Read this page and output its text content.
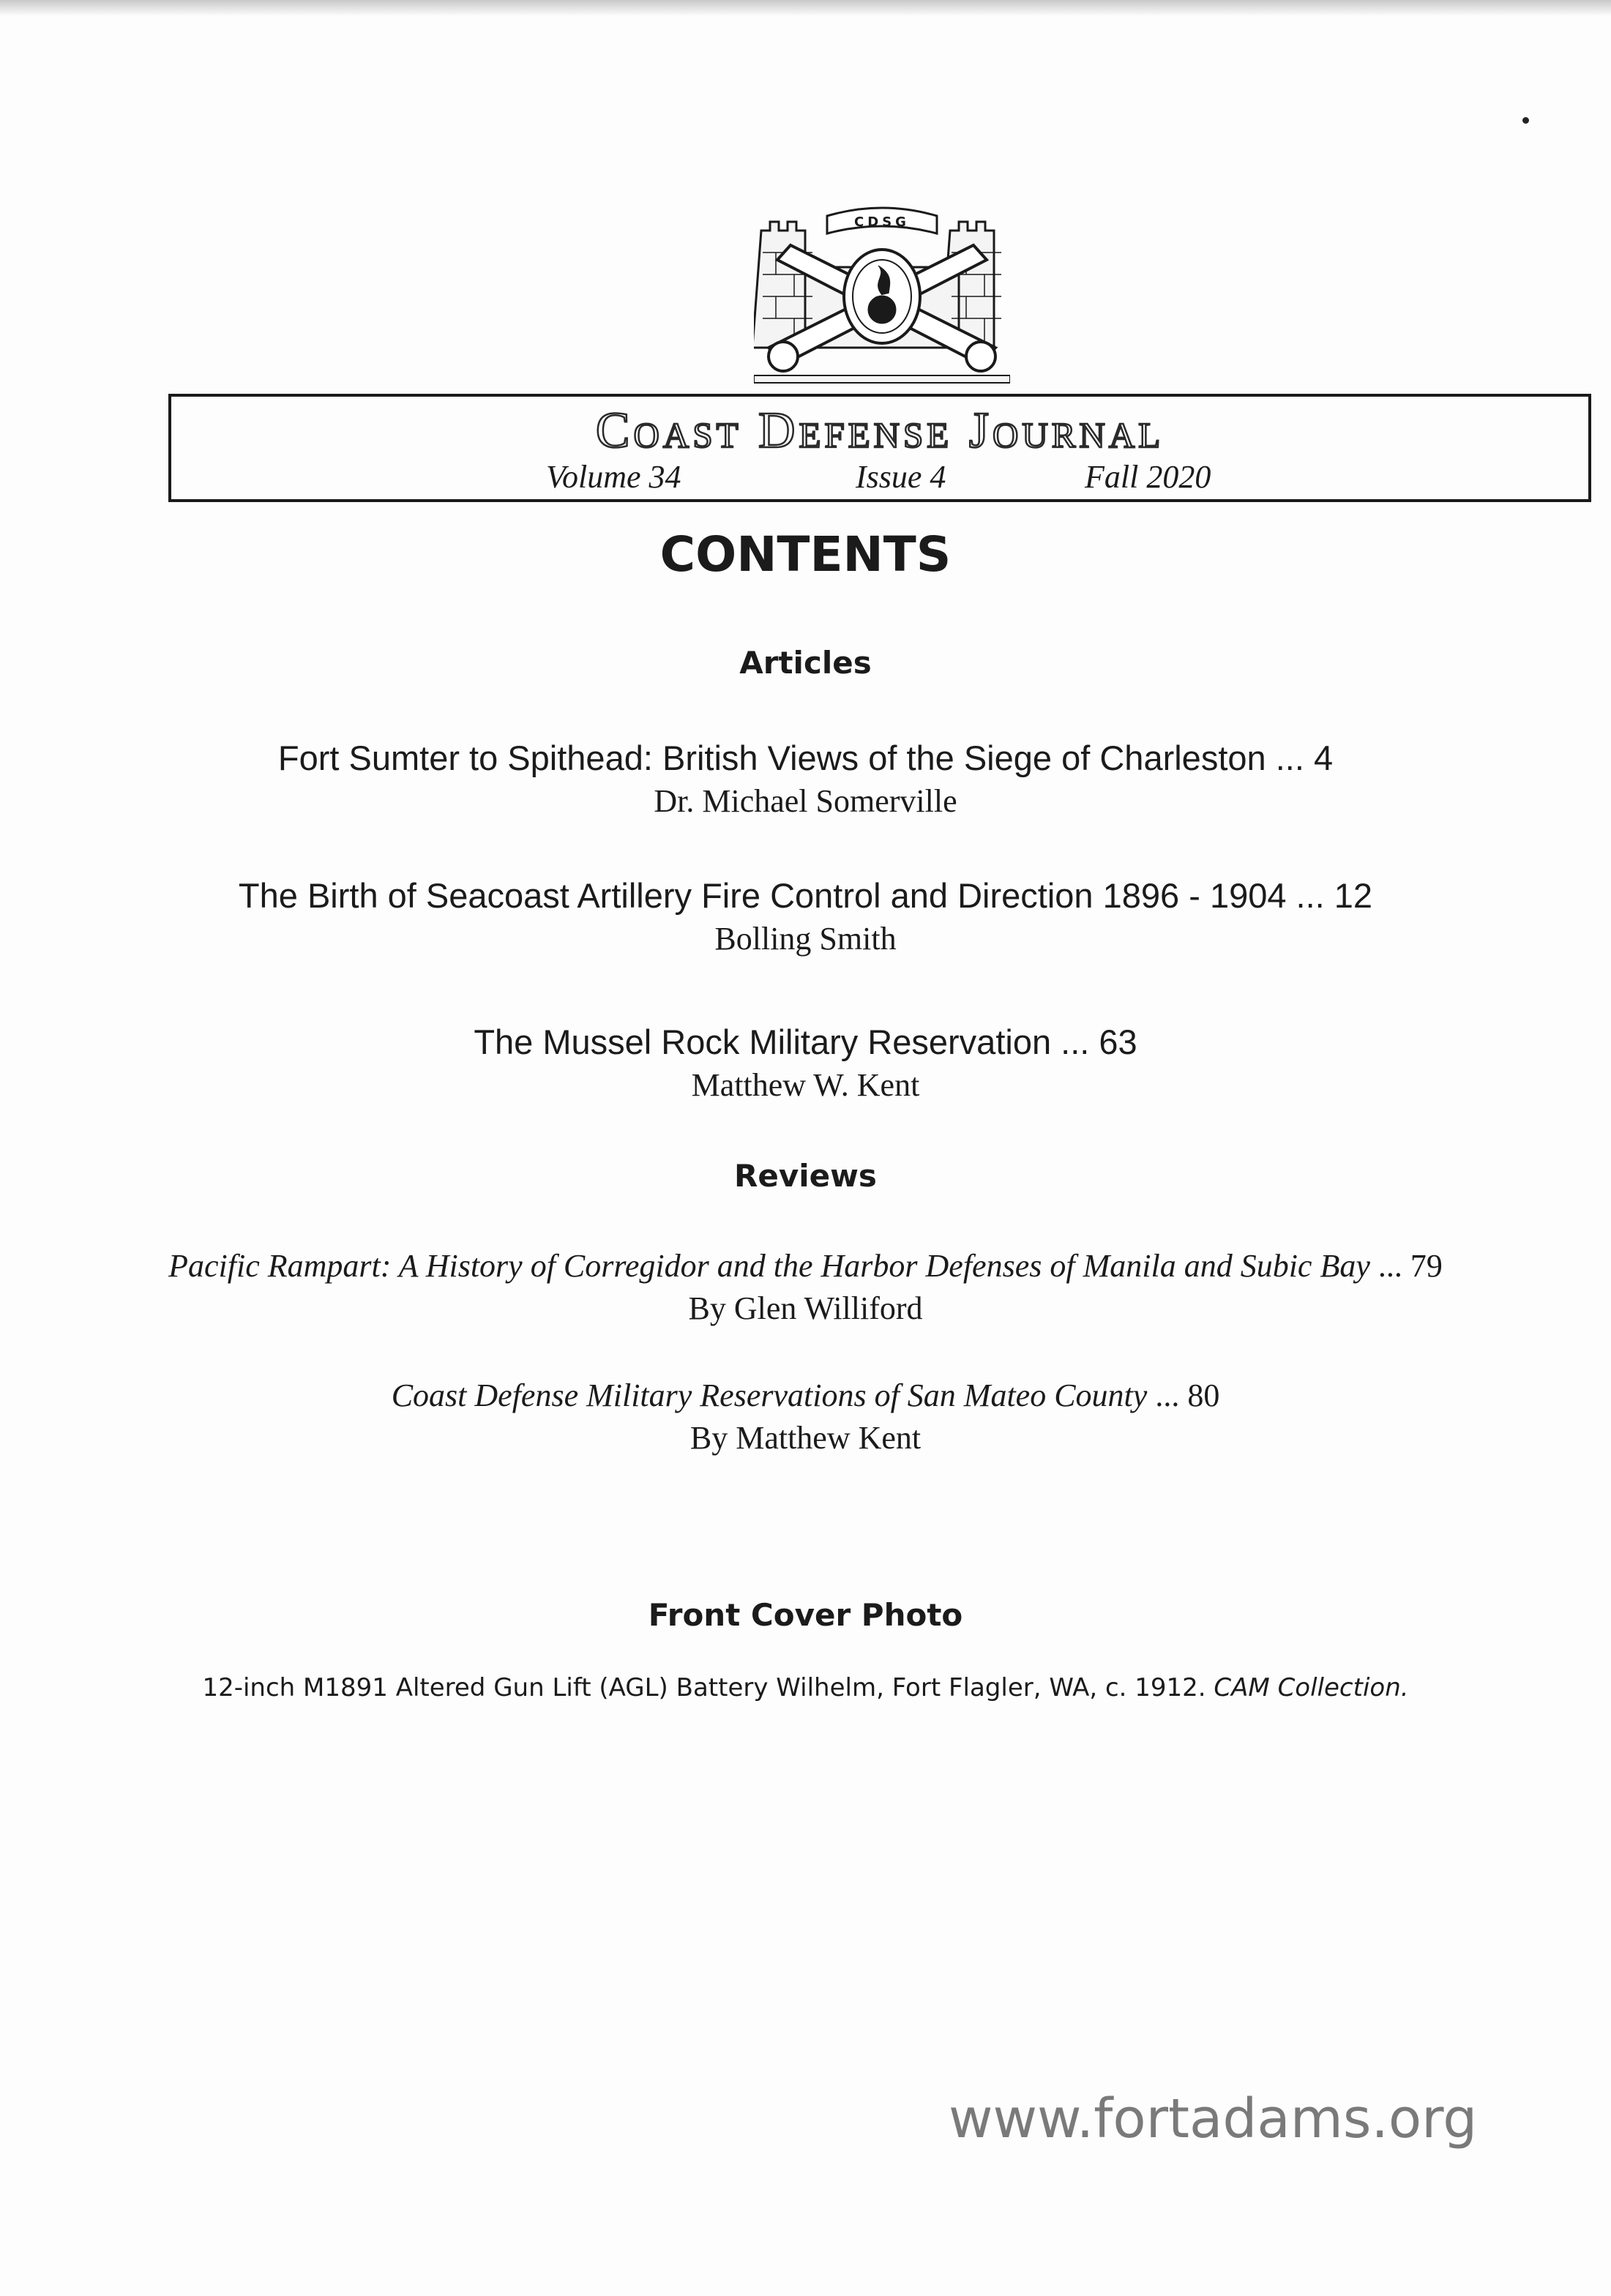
CDSG
Coast Defense Journal
Volume 34	Issue 4	Fall 2020
CONTENTS
Articles
Fort Sumter to Spithead: British Views of the Siege of Charleston ... 4
Dr. Michael Somerville
The Birth of Seacoast Artillery Fire Control and Direction 1896 - 1904 ... 12
Bolling Smith
The Mussel Rock Military Reservation ... 63
Matthew W. Kent
Reviews
Pacific Rampart: A History of Corregidor and the Harbor Defenses of Manila and Subic Bay ... 79
By Glen Williford
Coast Defense Military Reservations of San Mateo County ... 80
By Matthew Kent
Front Cover Photo
12-inch M1891 Altered Gun Lift (AGL) Battery Wilhelm, Fort Flagler, WA, c. 1912. CAM Collection.
www.fortadams.org
